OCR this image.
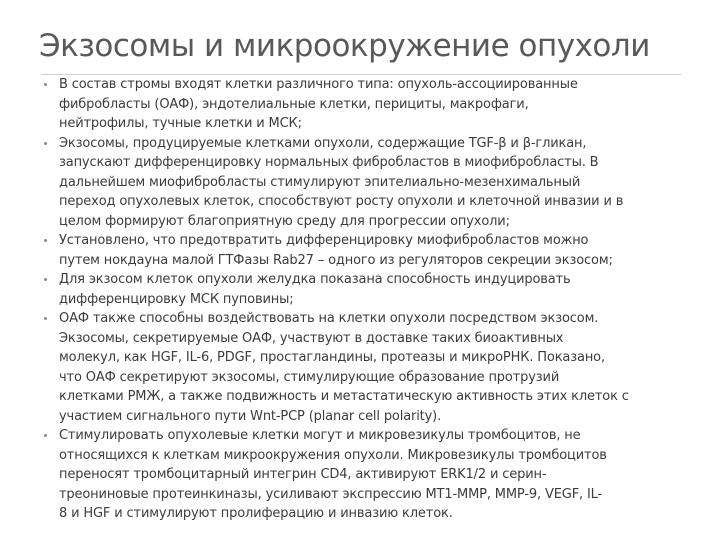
Экзосомы и микроокружение опухоли
В состав стромы входят клетки различного типа: опухоль-ассоциированные
фибробласты (ОАФ), эндотелиальные клетки, перициты, макрофаги,
нейтрофилы, тучные клетки и МСК;
Экзосомы, продуцируемые клетками опухоли, содержащие TGF-β и β-гликан,
запускают дифференцировку нормальных фибробластов в миофибробласты. В
дальнейшем миофибробласты стимулируют эпителиально-мезенхимальный
переход опухолевых клеток, способствуют росту опухоли и клеточной инвазии и в
целом формируют благоприятную среду для прогрессии опухоли;
Установлено, что предотвратить дифференцировку миофибробластов можно
путем нокдауна малой ГТФазы Rab27 – одного из регуляторов секреции экзосом;
Для экзосом клеток опухоли желудка показана способность индуцировать
дифференцировку МСК пуповины;
ОАФ также способны воздействовать на клетки опухоли посредством экзосом.
Экзосомы, секретируемые ОАФ, участвуют в доставке таких биоактивных
молекул, как HGF, IL-6, PDGF, простагландины, протеазы и микроРНК. Показано,
что ОАФ секретируют экзосомы, стимулирующие образование протрузий
клетками РМЖ, а также подвижность и метастатическую активность этих клеток с
участием сигнального пути Wnt-PCP (planar cell polarity).
Стимулировать опухолевые клетки могут и микровезикулы тромбоцитов, не
относящихся к клеткам микроокружения опухоли. Микровезикулы тромбоцитов
переносят тромбоцитарный интегрин CD4, активируют ERK1/2 и серин-
треониновые протеинкиназы, усиливают экспрессию MT1-MMP, MMP-9, VEGF, IL-
8 и HGF и стимулируют пролиферацию и инвазию клеток.
